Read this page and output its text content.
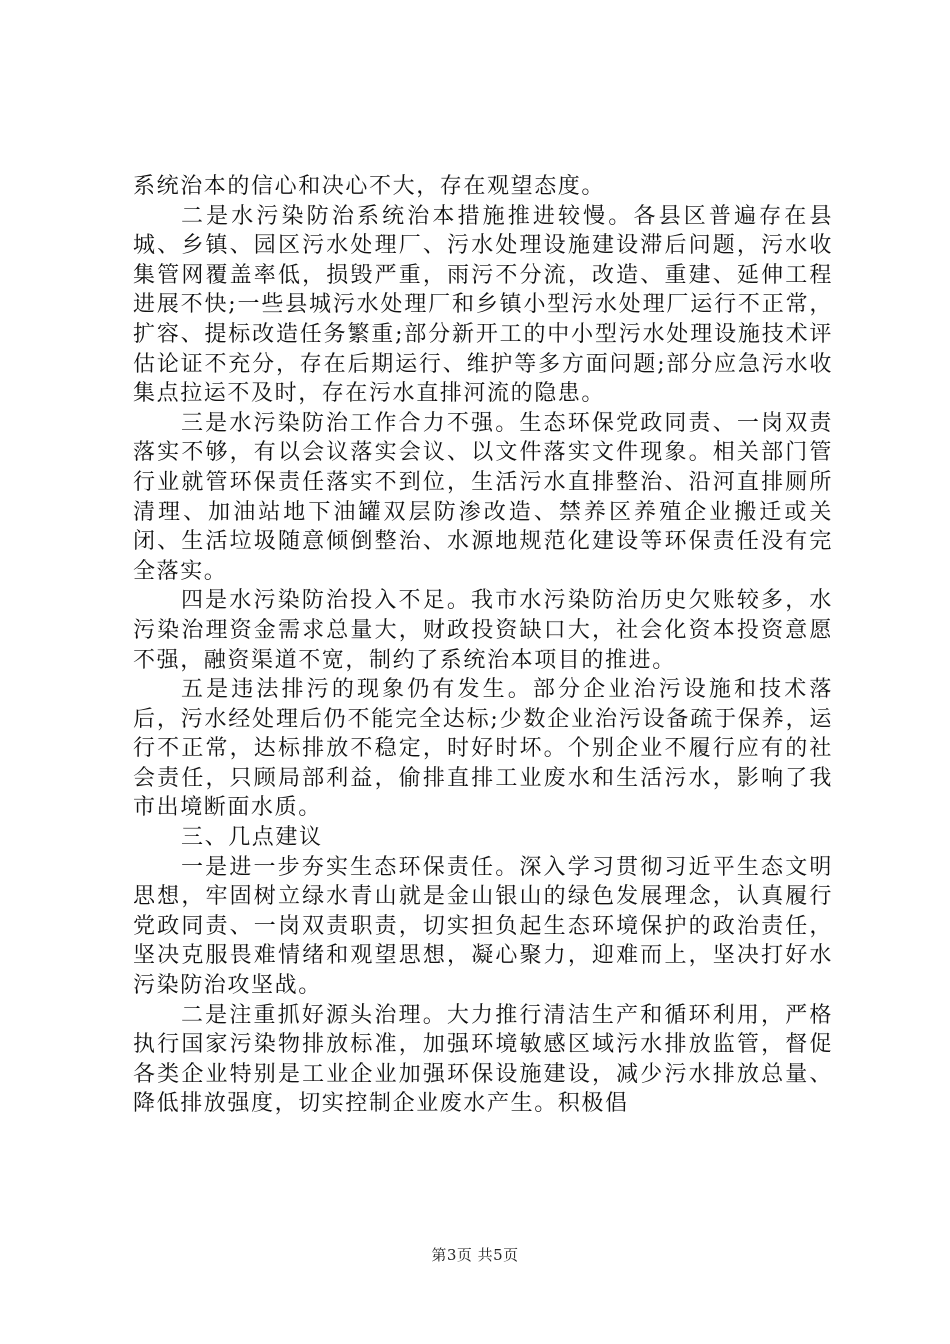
系统治本的信心和决心不大，存在观望态度。

二是水污染防治系统治本措施推进较慢。各县区普遍存在县城、乡镇、园区污水处理厂、污水处理设施建设滞后问题，污水收集管网覆盖率低，损毁严重，雨污不分流，改造、重建、延伸工程进展不快;一些县城污水处理厂和乡镇小型污水处理厂运行不正常，扩容、提标改造任务繁重;部分新开工的中小型污水处理设施技术评估论证不充分，存在后期运行、维护等多方面问题;部分应急污水收集点拉运不及时，存在污水直排河流的隐患。

三是水污染防治工作合力不强。生态环保党政同责、一岗双责落实不够，有以会议落实会议、以文件落实文件现象。相关部门管行业就管环保责任落实不到位，生活污水直排整治、沿河直排厕所清理、加油站地下油罐双层防渗改造、禁养区养殖企业搬迁或关闭、生活垃圾随意倾倒整治、水源地规范化建设等环保责任没有完全落实。

四是水污染防治投入不足。我市水污染防治历史欠账较多，水污染治理资金需求总量大，财政投资缺口大，社会化资本投资意愿不强，融资渠道不宽，制约了系统治本项目的推进。

五是违法排污的现象仍有发生。部分企业治污设施和技术落后，污水经处理后仍不能完全达标;少数企业治污设备疏于保养，运行不正常，达标排放不稳定，时好时坏。个别企业不履行应有的社会责任，只顾局部利益，偷排直排工业废水和生活污水，影响了我市出境断面水质。

三、几点建议

一是进一步夯实生态环保责任。深入学习贯彻习近平生态文明思想，牢固树立绿水青山就是金山银山的绿色发展理念，认真履行党政同责、一岗双责职责，切实担负起生态环境保护的政治责任，坚决克服畏难情绪和观望思想，凝心聚力，迎难而上，坚决打好水污染防治攻坚战。

二是注重抓好源头治理。大力推行清洁生产和循环利用，严格执行国家污染物排放标准，加强环境敏感区域污水排放监管，督促各类企业特别是工业企业加强环保设施建设，减少污水排放总量、降低排放强度，切实控制企业废水产生。积极倡

第3页 共5页
